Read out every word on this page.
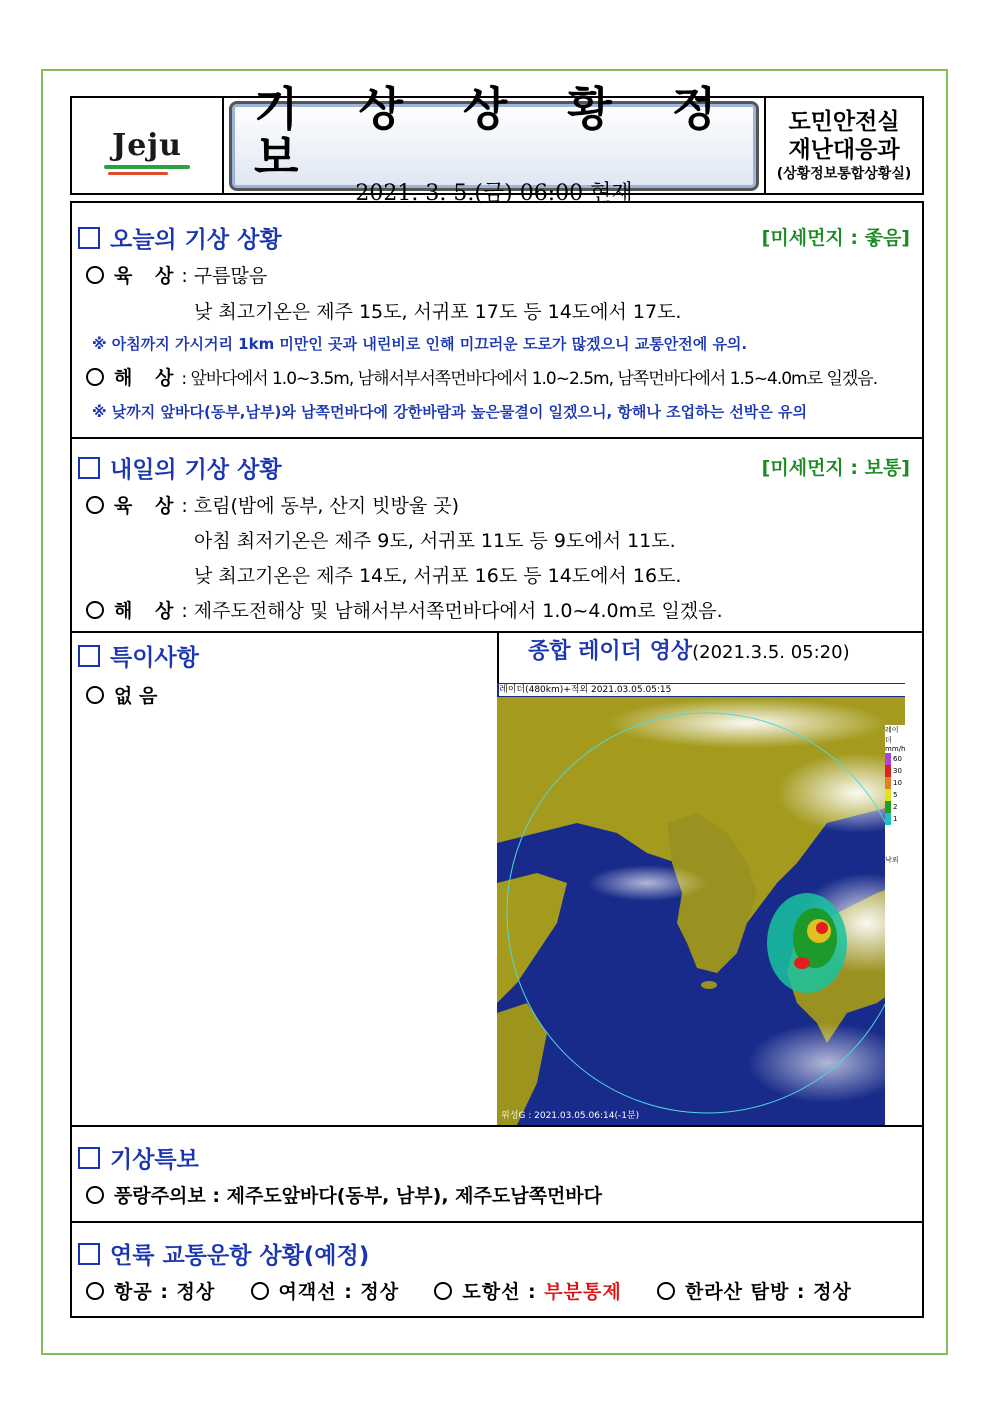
Jeju
기 상 상 황 정 보
- 2021. 3. 5.(금) 06:00 현재 -
도민안전실
재난대응과
(상황정보통합상황실)
오늘의 기상 상황	[미세먼지 : 좋음]
육 상: 구름많음
낮 최고기온은 제주 15도, 서귀포 17도 등 14도에서 17도.
※ 아침까지 가시거리 1km 미만인 곳과 내린비로 인해 미끄러운 도로가 많겠으니 교통안전에 유의.
해 상: 앞바다에서 1.0~3.5m, 남해서부서쪽먼바다에서 1.0~2.5m, 남쪽먼바다에서 1.5~4.0m로 일겠음.
※ 낮까지 앞바다(동부,남부)와 남쪽먼바다에 강한바람과 높은물결이 일겠으니, 항해나 조업하는 선박은 유의
내일의 기상 상황	[미세먼지 : 보통]
육 상: 흐림(밤에 동부, 산지 빗방울 곳)
아침 최저기온은 제주 9도, 서귀포 11도 등 9도에서 11도.
낮 최고기온은 제주 14도, 서귀포 16도 등 14도에서 16도.
해 상: 제주도전해상 및 남해서부서쪽먼바다에서 1.0~4.0m로 일겠음.
특이사항
없 음
종합 레이더 영상(2021.3.5. 05:20)
레이더(480km)+적외 2021.03.05.05:15
레이더
mm/h
60
30
10
5
2
1
낙뢰
위성G : 2021.03.05.06:14(-1분)
기상특보
풍랑주의보 : 제주도앞바다(동부, 남부), 제주도남쪽먼바다
연륙 교통운항 상황(예정)
항공 : 정상	여객선 : 정상	도항선 : 부분통제	한라산 탐방 : 정상
